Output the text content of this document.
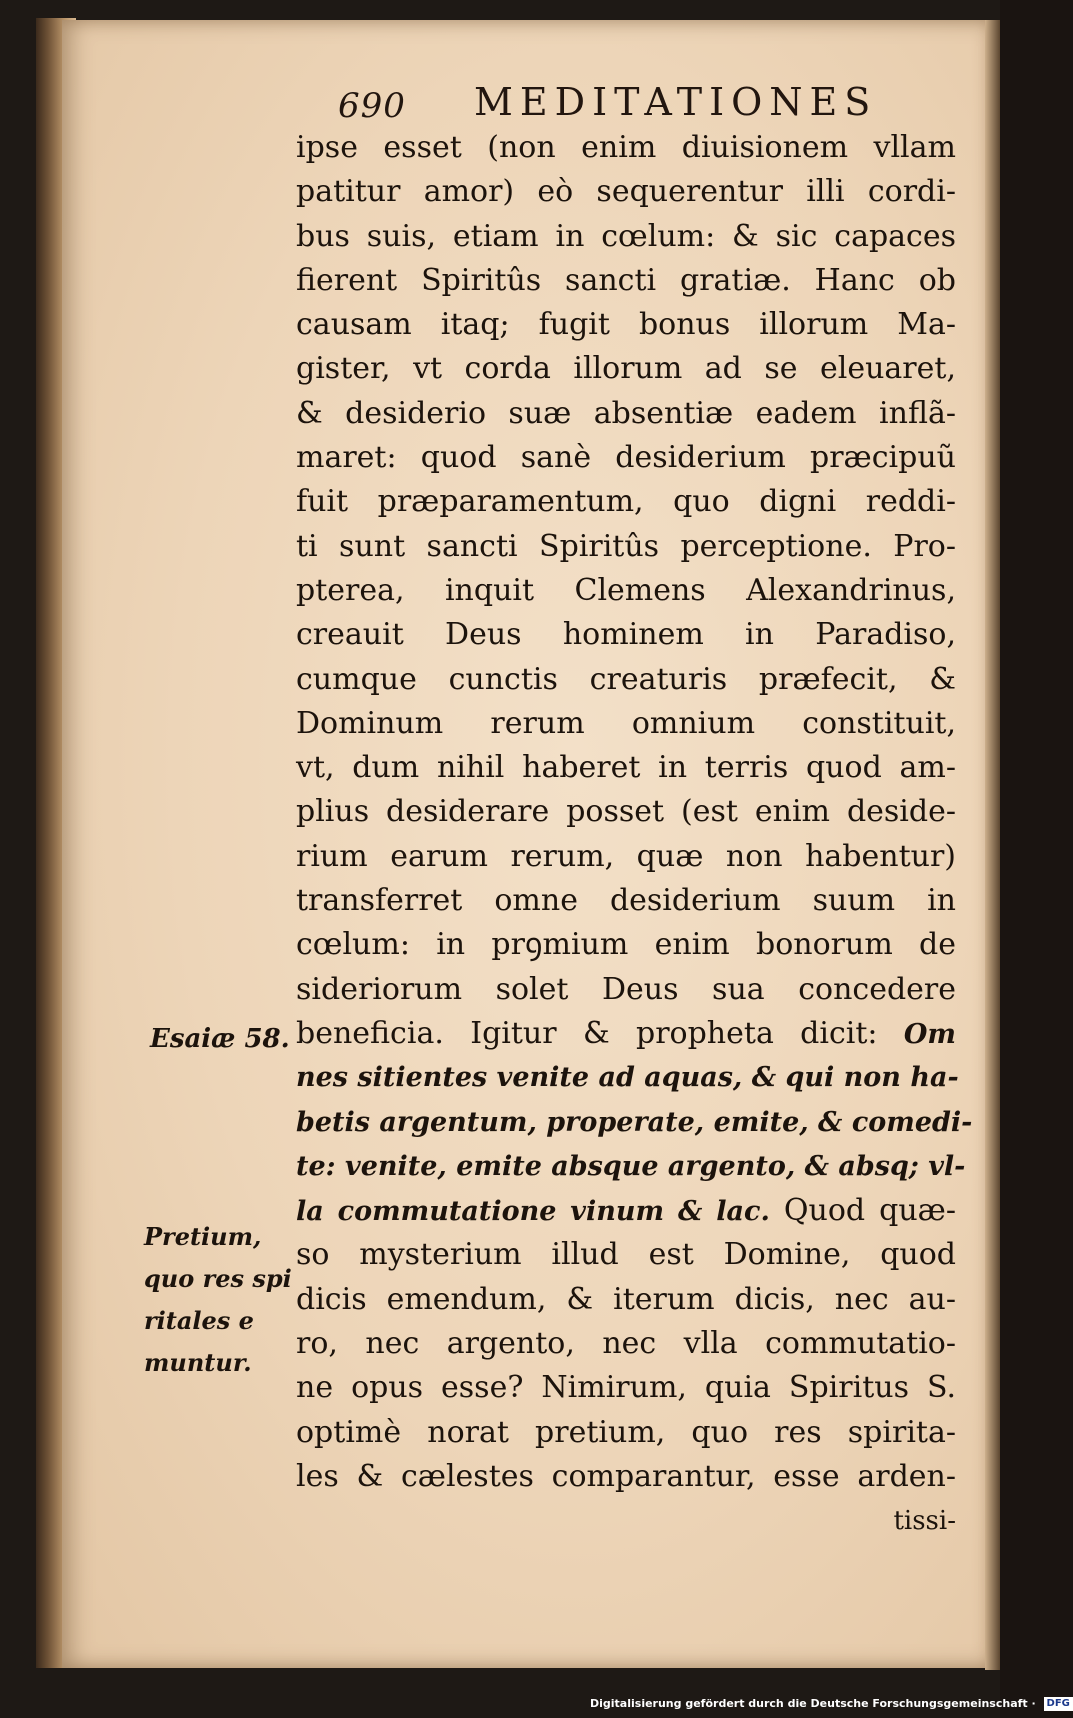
690 MEDITATIONES
ipse esset (non enim diuisionem vllam
patitur amor) eò sequerentur illi cordi-
bus suis, etiam in cœlum: & sic capaces
fierent Spiritûs sancti gratiæ. Hanc ob
causam itaq; fugit bonus illorum Ma-
gister, vt corda illorum ad se eleuaret,
& desiderio suæ absentiæ eadem inflã-
maret: quod sanè desiderium præcipuũ
fuit præparamentum, quo digni reddi-
ti sunt sancti Spiritûs perceptione. Pro-
pterea, inquit Clemens Alexandrinus,
creauit Deus hominem in Paradiso,
cumque cunctis creaturis præfecit, &
Dominum rerum omnium constituit,
vt, dum nihil haberet in terris quod am-
plius desiderare posset (est enim deside-
rium earum rerum, quæ non habentur)
transferret omne desiderium suum in
cœlum: in prꝯmium enim bonorum de
sideriorum solet Deus sua concedere
beneficia. Igitur & propheta dicit: Om
nes sitientes venite ad aquas, & qui non ha-
betis argentum, properate, emite, & comedi-
te: venite, emite absque argento, & absq; vl-
la commutatione vinum & lac. Quod quæ-
so mysterium illud est Domine, quod
dicis emendum, & iterum dicis, nec au-
ro, nec argento, nec vlla commutatio-
ne opus esse? Nimirum, quia Spiritus S.
optimè norat pretium, quo res spirita-
les & cælestes comparantur, esse arden-
tissi-
Esaiæ 58.
Pretium,
quo res spi
ritales e
muntur.
Digitalisierung gefördert durch die Deutsche Forschungsgemeinschaft · DFG
